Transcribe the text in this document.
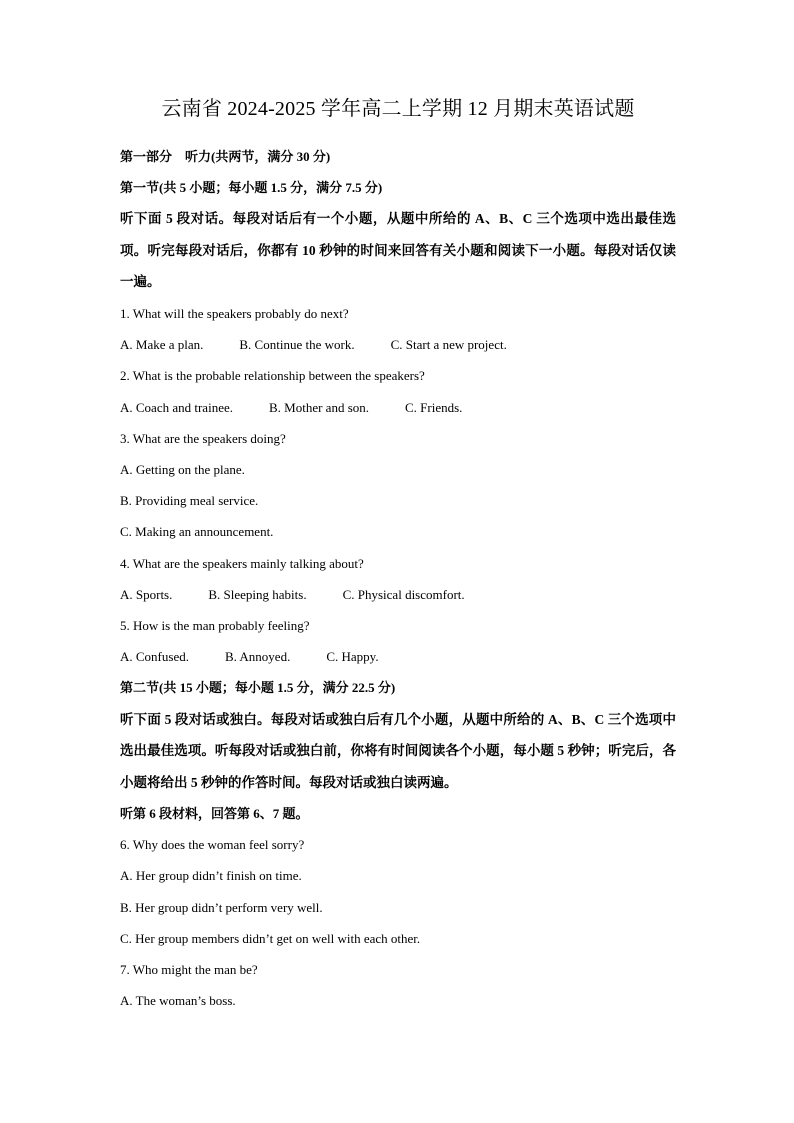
云南省 2024-2025 学年高二上学期 12 月期末英语试题

第一部分　听力(共两节，满分 30 分)

第一节(共 5 小题；每小题 1.5 分，满分 7.5 分)

听下面 5 段对话。每段对话后有一个小题，从题中所给的 A、B、C 三个选项中选出最佳选项。听完每段对话后，你都有 10 秒钟的时间来回答有关小题和阅读下一小题。每段对话仅读一遍。

1. What will the speakers probably do next?

A. Make a plan.	B. Continue the work.	C. Start a new project.

2. What is the probable relationship between the speakers?

A. Coach and trainee.	B. Mother and son.	C. Friends.

3. What are the speakers doing?

A. Getting on the plane.

B. Providing meal service.

C. Making an announcement.

4. What are the speakers mainly talking about?

A. Sports.	B. Sleeping habits.	C. Physical discomfort.

5. How is the man probably feeling?

A. Confused.	B. Annoyed.	C. Happy.

第二节(共 15 小题；每小题 1.5 分，满分 22.5 分)

听下面 5 段对话或独白。每段对话或独白后有几个小题，从题中所给的 A、B、C 三个选项中选出最佳选项。听每段对话或独白前，你将有时间阅读各个小题，每小题 5 秒钟；听完后，各小题将给出 5 秒钟的作答时间。每段对话或独白读两遍。

听第 6 段材料，回答第 6、7 题。

6. Why does the woman feel sorry?

A. Her group didn’t finish on time.

B. Her group didn’t perform very well.

C. Her group members didn’t get on well with each other.

7. Who might the man be?

A. The woman’s boss.
